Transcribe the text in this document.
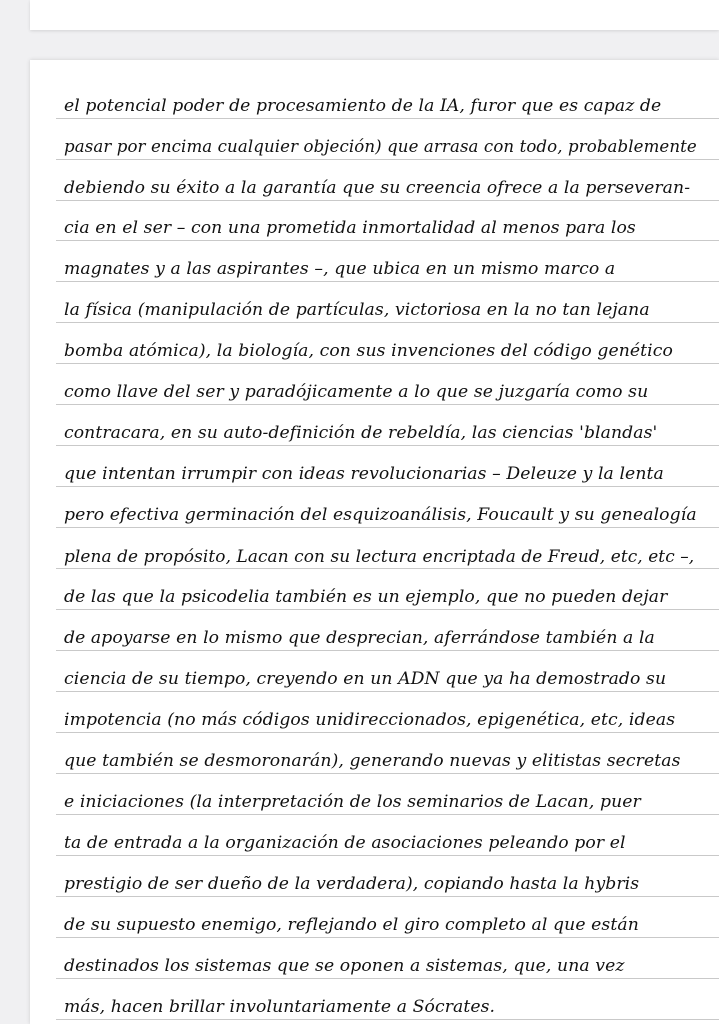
el potencial poder de procesamiento de la IA, furor que es capaz de
pasar por encima cualquier objeción) que arrasa con todo, probablemente
debiendo su éxito a la garantía que su creencia ofrece a la perseveran-
cia en el ser – con una prometida inmortalidad al menos para los
magnates y a las aspirantes –, que ubica en un mismo marco a
la física (manipulación de partículas, victoriosa en la no tan lejana
bomba atómica), la biología, con sus invenciones del código genético
como llave del ser y paradójicamente a lo que se juzgaría como su
contracara, en su auto-definición de rebeldía, las ciencias 'blandas'
que intentan irrumpir con ideas revolucionarias – Deleuze y la lenta
pero efectiva germinación del esquizoanálisis, Foucault y su genealogía
plena de propósito, Lacan con su lectura encriptada de Freud, etc, etc –,
de las que la psicodelia también es un ejemplo, que no pueden dejar
de apoyarse en lo mismo que desprecian, aferrándose también a la
ciencia de su tiempo, creyendo en un ADN que ya ha demostrado su
impotencia (no más códigos unidireccionados, epigenética, etc, ideas
que también se desmoronarán), generando nuevas y elitistas secretas
e iniciaciones (la interpretación de los seminarios de Lacan, puer
ta de entrada a la organización de asociaciones peleando por el
prestigio de ser dueño de la verdadera), copiando hasta la hybris
de su supuesto enemigo, reflejando el giro completo al que están
destinados los sistemas que se oponen a sistemas, que, una vez
más, hacen brillar involuntariamente a Sócrates.
